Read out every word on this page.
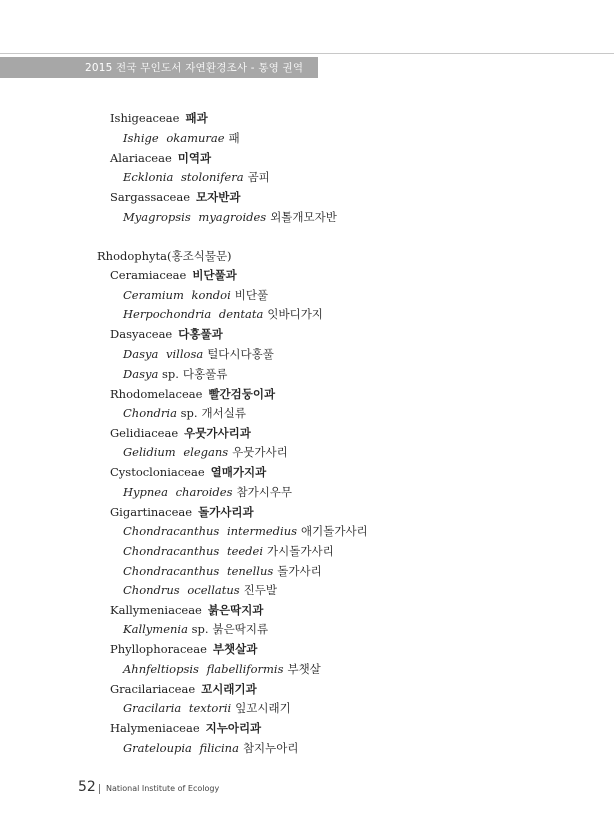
2015 전국 무인도서 자연환경조사 - 통영 권역
Ishigeaceae 패과
Ishige okamurae 패
Alariaceae 미역과
Ecklonia stolonifera 곰피
Sargassaceae 모자반과
Myagropsis myagroides 외톨개모자반
Rhodophyta(홍조식물문)
Ceramiaceae 비단풀과
Ceramium kondoi 비단풀
Herpochondria dentata 잇바디가지
Dasyaceae 다홍풀과
Dasya villosa 털다시다홍풀
Dasya sp. 다홍풀류
Rhodomelaceae 빨간검둥이과
Chondria sp. 개서실류
Gelidiaceae 우뭇가사리과
Gelidium elegans 우뭇가사리
Cystocloniaceae 열매가지과
Hypnea charoides 참가시우무
Gigartinaceae 돌가사리과
Chondracanthus intermedius 애기돌가사리
Chondracanthus teedei 가시돌가사리
Chondracanthus tenellus 돌가사리
Chondrus ocellatus 진두발
Kallymeniaceae 붉은딱지과
Kallymenia sp. 붉은딱지류
Phyllophoraceae 부챗살과
Ahnfeltiopsis flabelliformis 부챗살
Gracilariaceae 꼬시래기과
Gracilaria textorii 잎꼬시래기
Halymeniaceae 지누아리과
Grateloupia filicina 참지누아리
52 National Institute of Ecology
